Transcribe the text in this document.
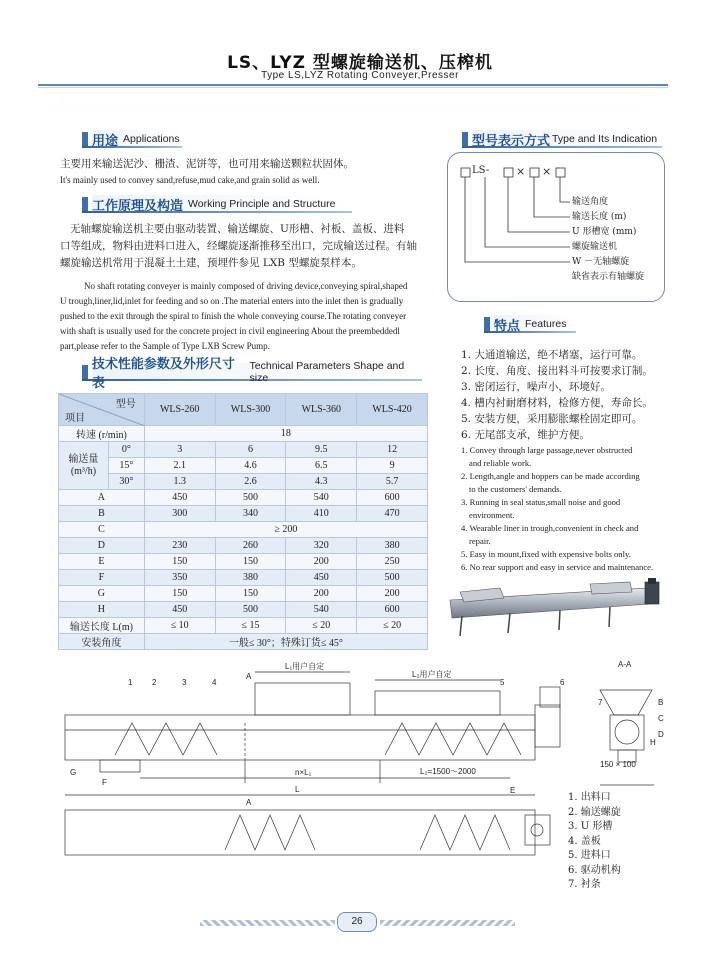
LS、LYZ 型螺旋输送机、压榨机
Type LS,LYZ Rotating Conveyer,Presser
用途 Applications
主要用来输送泥沙、栅渣、泥饼等，也可用来输送颗粒状固体。
It's mainly used to convey sand,refuse,mud cake,and grain solid as well.
工作原理及构造 Working Principle and Structure
无轴螺旋输送机主要由驱动装置、输送螺旋、U形槽、衬板、盖板、进料
口等组成，物料由进料口进入，经螺旋逐渐推移至出口，完成输送过程。有轴
螺旋输送机常用于混凝土土建，预埋件参见 LXB 型螺旋泵样本。
No shaft rotating conveyer is mainly composed of driving device,conveying spiral,shaped
U trough,liner,lid,inlet for feeding and so on .The material enters into the inlet then is gradually
pushed to the exit through the spiral to finish the whole conveying course.The rotating conveyer
with shaft is usually used for the concrete project in civil engineering About the preembeddedl
part,please refer to the Sample of Type LXB Screw Pump.
技术性能参数及外形尺寸表
Technical Parameters Shape and size
型号
项目		WLS-260	WLS-300	WLS-360	WLS-420
转速 (r/min)		18			

输送量
(m³/h)	0°	3	6	9.5	12
	15°	2.1	4.6	6.5	9
	30°	1.3	2.6	4.3	5.7
A		450	500	540	600
B		300	340	410	470
C		≥ 200			
D		230	260	320	380
E		150	150	200	250
F		350	380	450	500
G		150	150	200	200
H		450	500	540	600
输送长度 L(m)		≤ 10	≤ 15	≤ 20	≤ 20
安装角度		一般≤ 30°；特殊订货≤ 45°			
型号表示方式 Type and Its Indication
LS- × ×
输送角度
输送长度 (m)
U 形槽宽 (mm)
螺旋输送机
W －无轴螺旋
缺省表示有轴螺旋
特点 Features
1. 大通道输送，绝不堵塞，运行可靠。
2. 长度、角度、接出料斗可按要求订制。
3. 密闭运行，噪声小，环境好。
4. 槽内衬耐磨材料，检修方便，寿命长。
5. 安装方便，采用膨胀螺栓固定即可。
6. 无尾部支承，维护方便。
1. Convey through large passage,never obstructed
and reliable work.
2. Length,angle and hoppers can be made according
to the customers' demands.
3. Running in seal status,small noise and good
environment.
4. Wearable liner in trough,convenient in check and
repair.
5. Easy in mount,fixed with expensive bolts only.
6. No rear support and easy in service and maintenance.
L₁用户自定
L₂用户自定
n×L₁	L₂=1500～2000
L
A-A
150 × 100
1 2	3	4	5	6
7
A
A
B
C
D
E
F
G
H
1. 出料口
2. 输送螺旋
3. U 形槽
4. 盖板
5. 进料口
6. 驱动机构
7. 衬条
26
